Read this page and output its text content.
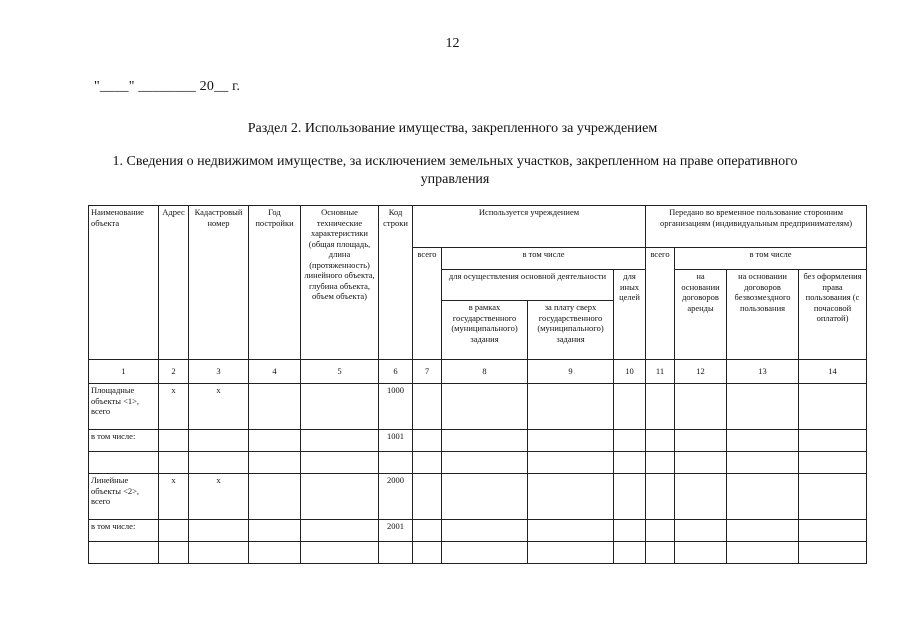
12
"____" ________ 20__ г.
Раздел 2. Использование имущества, закрепленного за учреждением
1. Сведения о недвижимом имуществе, за исключением земельных участков, закрепленном на праве оперативного управления
Наименование объекта	Адрес	Кадастровый номер	Год постройки	Основные технические характеристики (общая площадь, длина (протяженность) линейного объекта, глубина объекта, объем объекта)	Код строки	Используется учреждением				Передано во временное пользование сторонним организациям (индивидуальным предпринимателям)			
						всего	в том числе			всего	в том числе		
							для осуществления основной деятельности		для иных целей		на основании договоров аренды	на основании договоров безвозмездного пользования	без оформления права пользования (с почасовой оплатой)
							в рамках государственного (муниципального) задания	за плату сверх государственного (муниципального) задания					
1	2	3	4	5	6	7	8	9	10	11	12	13	14
Площадные объекты <1>, всего	x	x			1000								
в том числе:					1001								

Линейные объекты <2>, всего	x	x			2000								
в том числе:					2001								
